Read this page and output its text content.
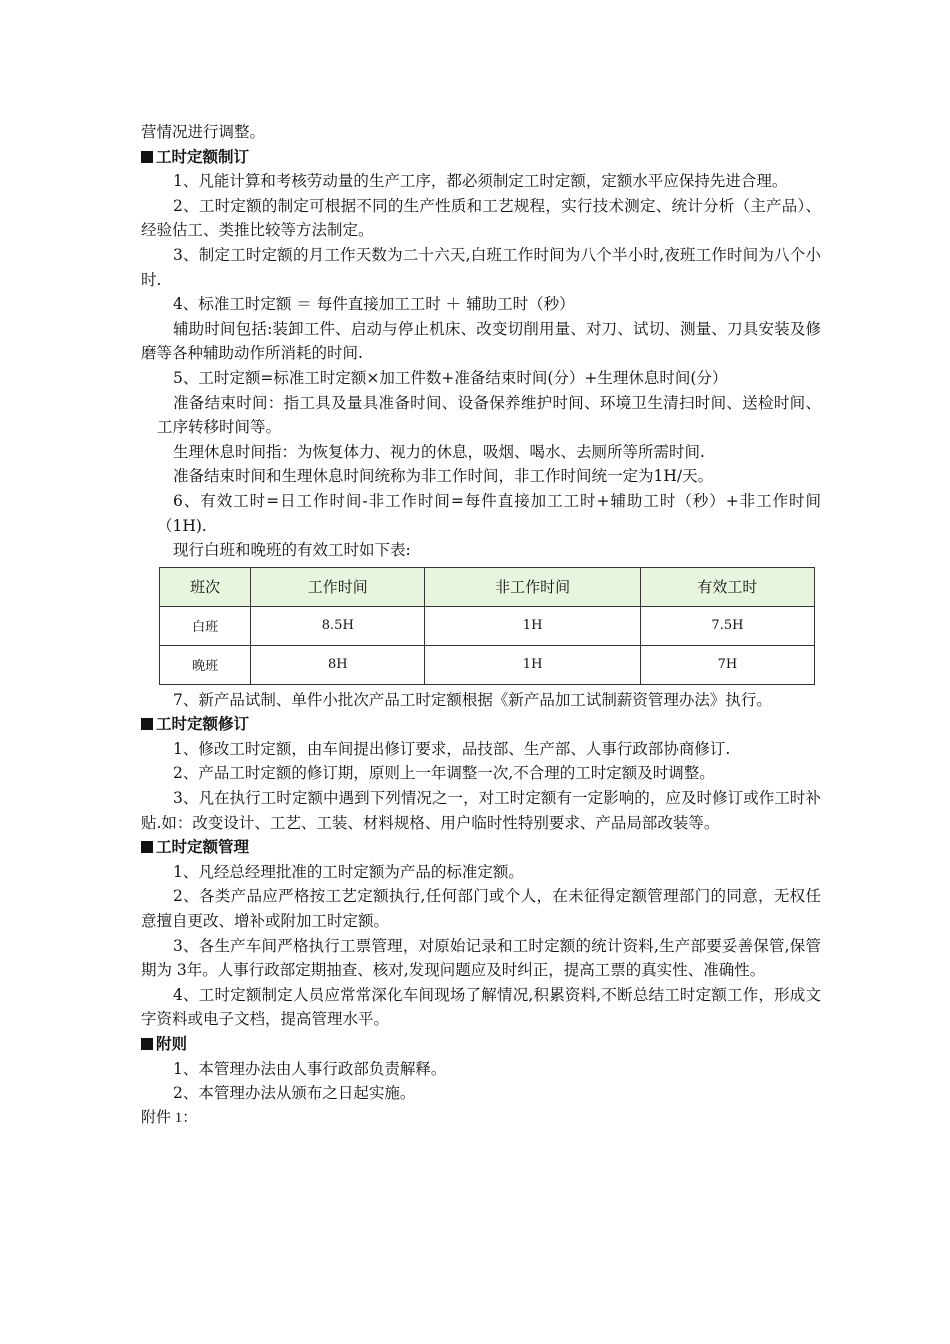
营情况进行调整。

工时定额制订

1、凡能计算和考核劳动量的生产工序，都必须制定工时定额，定额水平应保持先进合理。

2、工时定额的制定可根据不同的生产性质和工艺规程，实行技术测定、统计分析（主产品）、经验估工、类推比较等方法制定。

3、制定工时定额的月工作天数为二十六天,白班工作时间为八个半小时,夜班工作时间为八个小时.

4、标准工时定额 ＝ 每件直接加工工时 ＋ 辅助工时（秒）

辅助时间包括:装卸工件、启动与停止机床、改变切削用量、对刀、试切、测量、刀具安装及修磨等各种辅助动作所消耗的时间.

5、工时定额=标准工时定额×加工件数+准备结束时间(分）+生理休息时间(分）

准备结束时间：指工具及量具准备时间、设备保养维护时间、环境卫生清扫时间、送检时间、工序转移时间等。

生理休息时间指：为恢复体力、视力的休息，吸烟、喝水、去厕所等所需时间.

准备结束时间和生理休息时间统称为非工作时间，非工作时间统一定为1H/天。

6、有效工时=日工作时间-非工作时间=每件直接加工工时+辅助工时（秒）+非工作时间（1H).

现行白班和晚班的有效工时如下表:

班次	工作时间	非工作时间	有效工时
白班	8.5H	1H	7.5H
晚班	8H	1H	7H

7、新产品试制、单件小批次产品工时定额根据《新产品加工试制薪资管理办法》执行。

工时定额修订

1、修改工时定额，由车间提出修订要求，品技部、生产部、人事行政部协商修订.

2、产品工时定额的修订期，原则上一年调整一次,不合理的工时定额及时调整。

3、凡在执行工时定额中遇到下列情况之一，对工时定额有一定影响的，应及时修订或作工时补贴.如：改变设计、工艺、工装、材料规格、用户临时性特别要求、产品局部改装等。

工时定额管理

1、凡经总经理批准的工时定额为产品的标准定额。

2、各类产品应严格按工艺定额执行,任何部门或个人，在未征得定额管理部门的同意，无权任意擅自更改、增补或附加工时定额。

3、各生产车间严格执行工票管理，对原始记录和工时定额的统计资料,生产部要妥善保管,保管期为 3年。人事行政部定期抽查、核对,发现问题应及时纠正，提高工票的真实性、准确性。

4、工时定额制定人员应常常深化车间现场了解情况,积累资料,不断总结工时定额工作，形成文字资料或电子文档，提高管理水平。

附则

1、本管理办法由人事行政部负责解释。

2、本管理办法从颁布之日起实施。

附件 1：
